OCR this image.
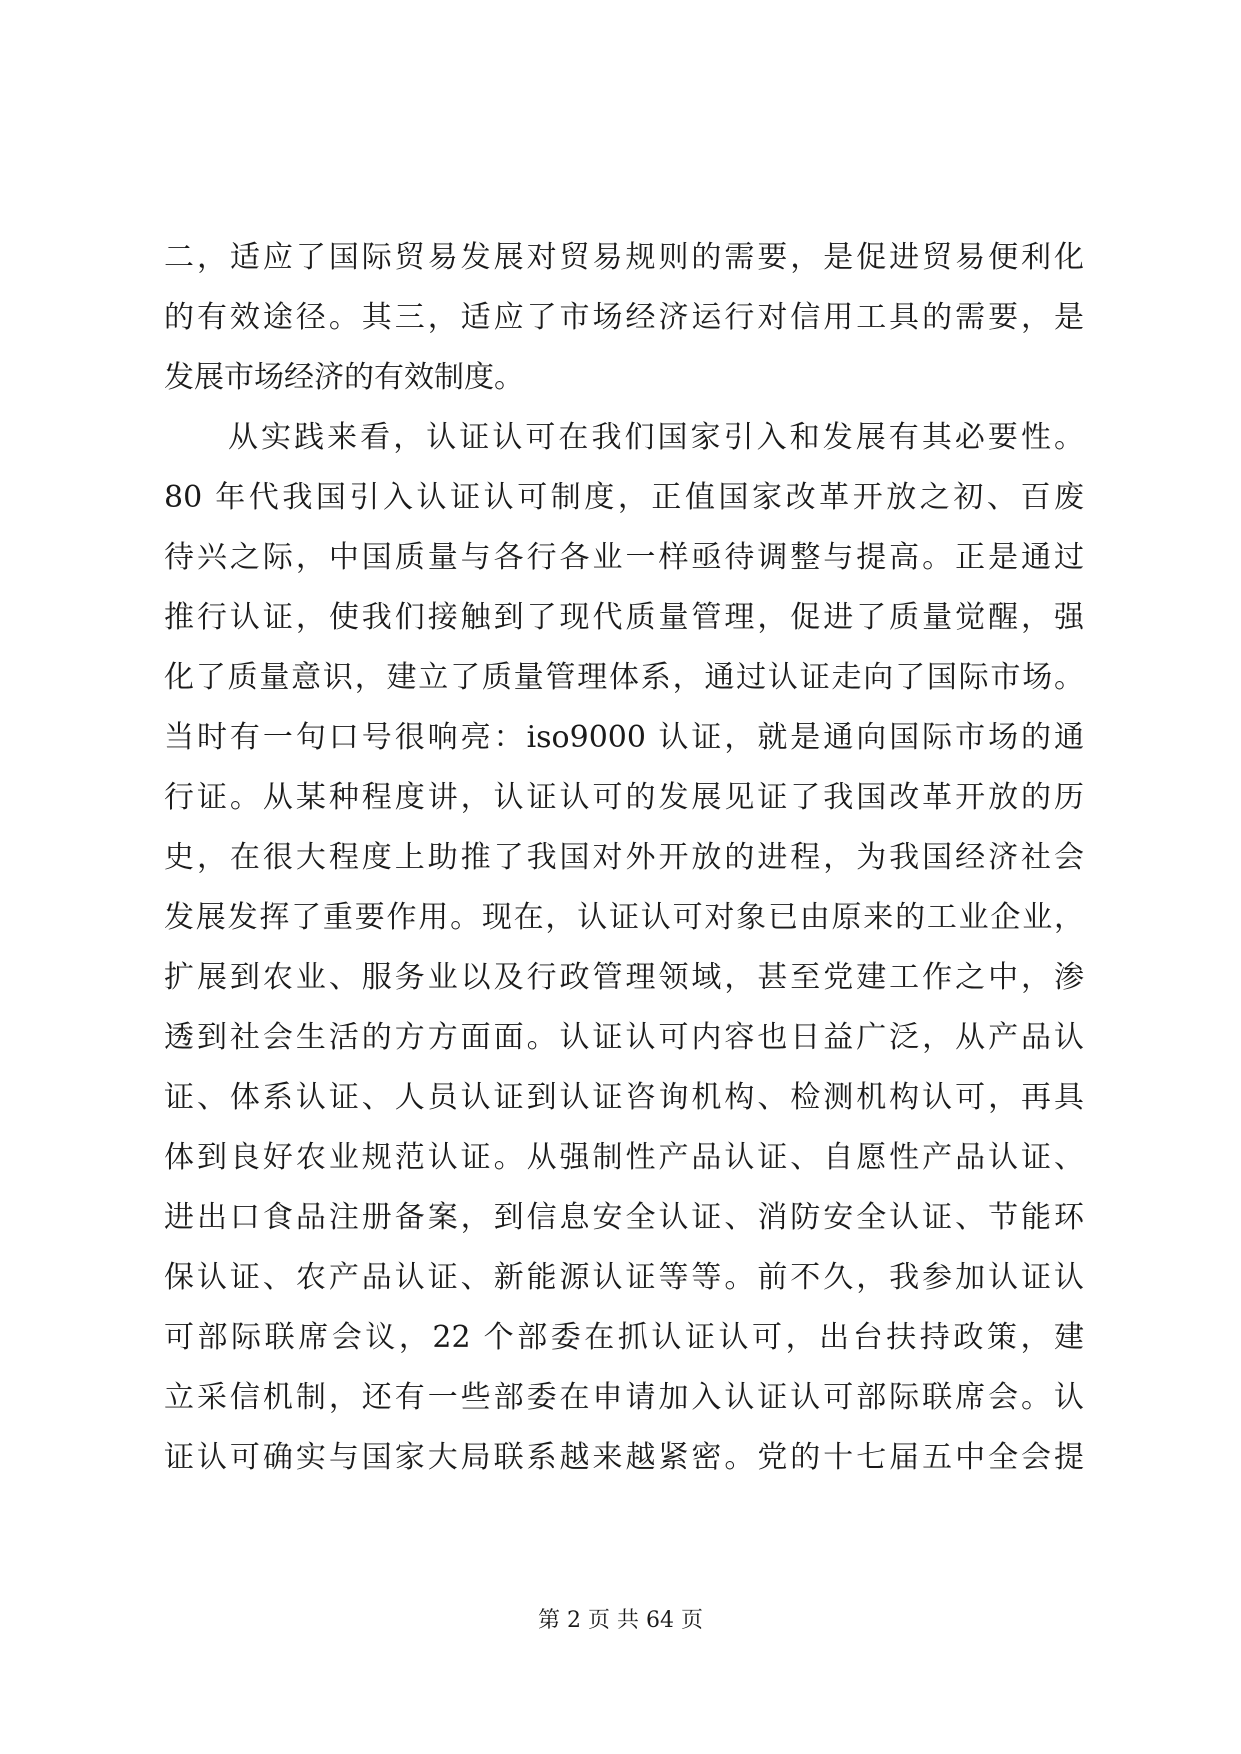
二，适应了国际贸易发展对贸易规则的需要，是促进贸易便利化
的有效途径。其三，适应了市场经济运行对信用工具的需要，是
发展市场经济的有效制度。
从实践来看，认证认可在我们国家引入和发展有其必要性。
80 年代我国引入认证认可制度，正值国家改革开放之初、百废
待兴之际，中国质量与各行各业一样亟待调整与提高。正是通过
推行认证，使我们接触到了现代质量管理，促进了质量觉醒，强
化了质量意识，建立了质量管理体系，通过认证走向了国际市场。
当时有一句口号很响亮：iso9000 认证，就是通向国际市场的通
行证。从某种程度讲，认证认可的发展见证了我国改革开放的历
史，在很大程度上助推了我国对外开放的进程，为我国经济社会
发展发挥了重要作用。现在，认证认可对象已由原来的工业企业，
扩展到农业、服务业以及行政管理领域，甚至党建工作之中，渗
透到社会生活的方方面面。认证认可内容也日益广泛，从产品认
证、体系认证、人员认证到认证咨询机构、检测机构认可，再具
体到良好农业规范认证。从强制性产品认证、自愿性产品认证、
进出口食品注册备案，到信息安全认证、消防安全认证、节能环
保认证、农产品认证、新能源认证等等。前不久，我参加认证认
可部际联席会议，22 个部委在抓认证认可，出台扶持政策，建
立采信机制，还有一些部委在申请加入认证认可部际联席会。认
证认可确实与国家大局联系越来越紧密。党的十七届五中全会提
第 2 页 共 64 页
